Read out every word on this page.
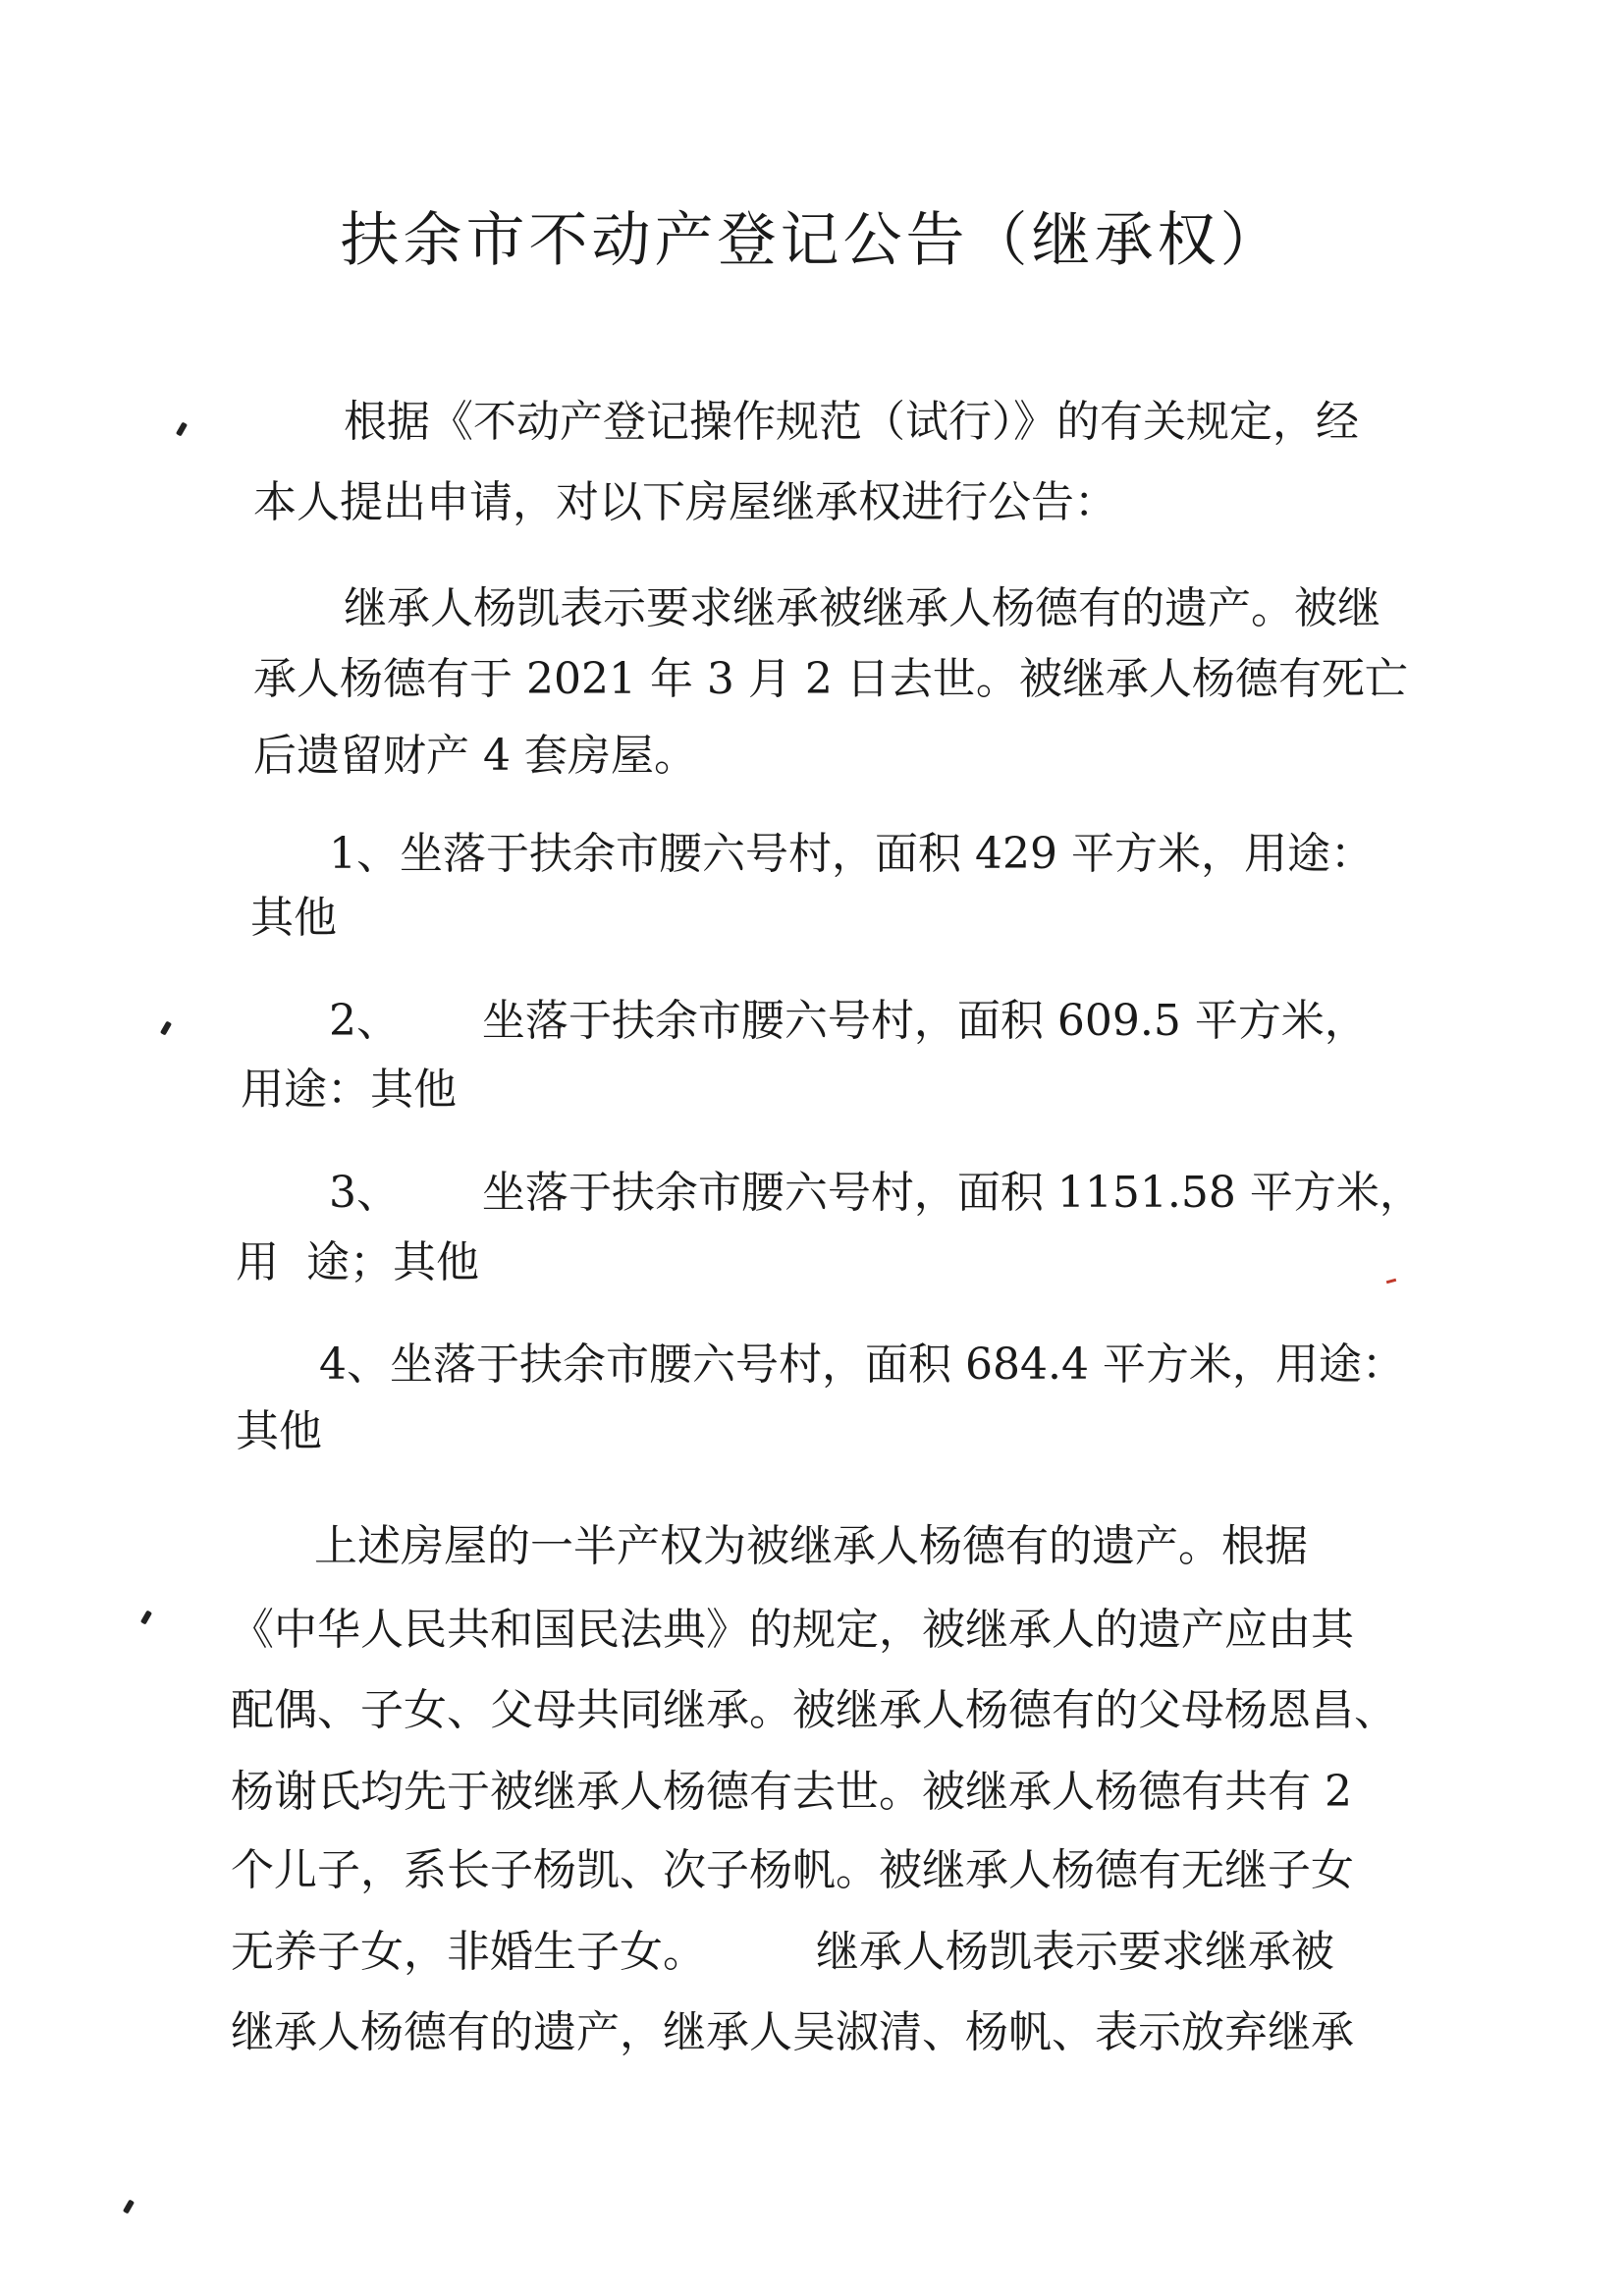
扶余市不动产登记公告（继承权）

根据《不动产登记操作规范（试行）》的有关规定，经

本人提出申请，对以下房屋继承权进行公告：

继承人杨凯表示要求继承被继承人杨德有的遗产。被继

承人杨德有于 2021 年 3 月 2 日去世。被继承人杨德有死亡

后遗留财产 4 套房屋。

1、坐落于扶余市腰六号村，面积 429 平方米，用途：

其他

2、      坐落于扶余市腰六号村，面积 609.5 平方米，

用途：其他

3、      坐落于扶余市腰六号村，面积 1151.58 平方米，

用  途；其他

4、坐落于扶余市腰六号村，面积 684.4 平方米，用途：

其他

上述房屋的一半产权为被继承人杨德有的遗产。根据

《中华人民共和国民法典》的规定，被继承人的遗产应由其

配偶、子女、父母共同继承。被继承人杨德有的父母杨恩昌、

杨谢氏均先于被继承人杨德有去世。被继承人杨德有共有 2

个儿子，系长子杨凯、次子杨帆。被继承人杨德有无继子女

无养子女，非婚生子女。        继承人杨凯表示要求继承被

继承人杨德有的遗产，继承人吴淑清、杨帆、表示放弃继承
